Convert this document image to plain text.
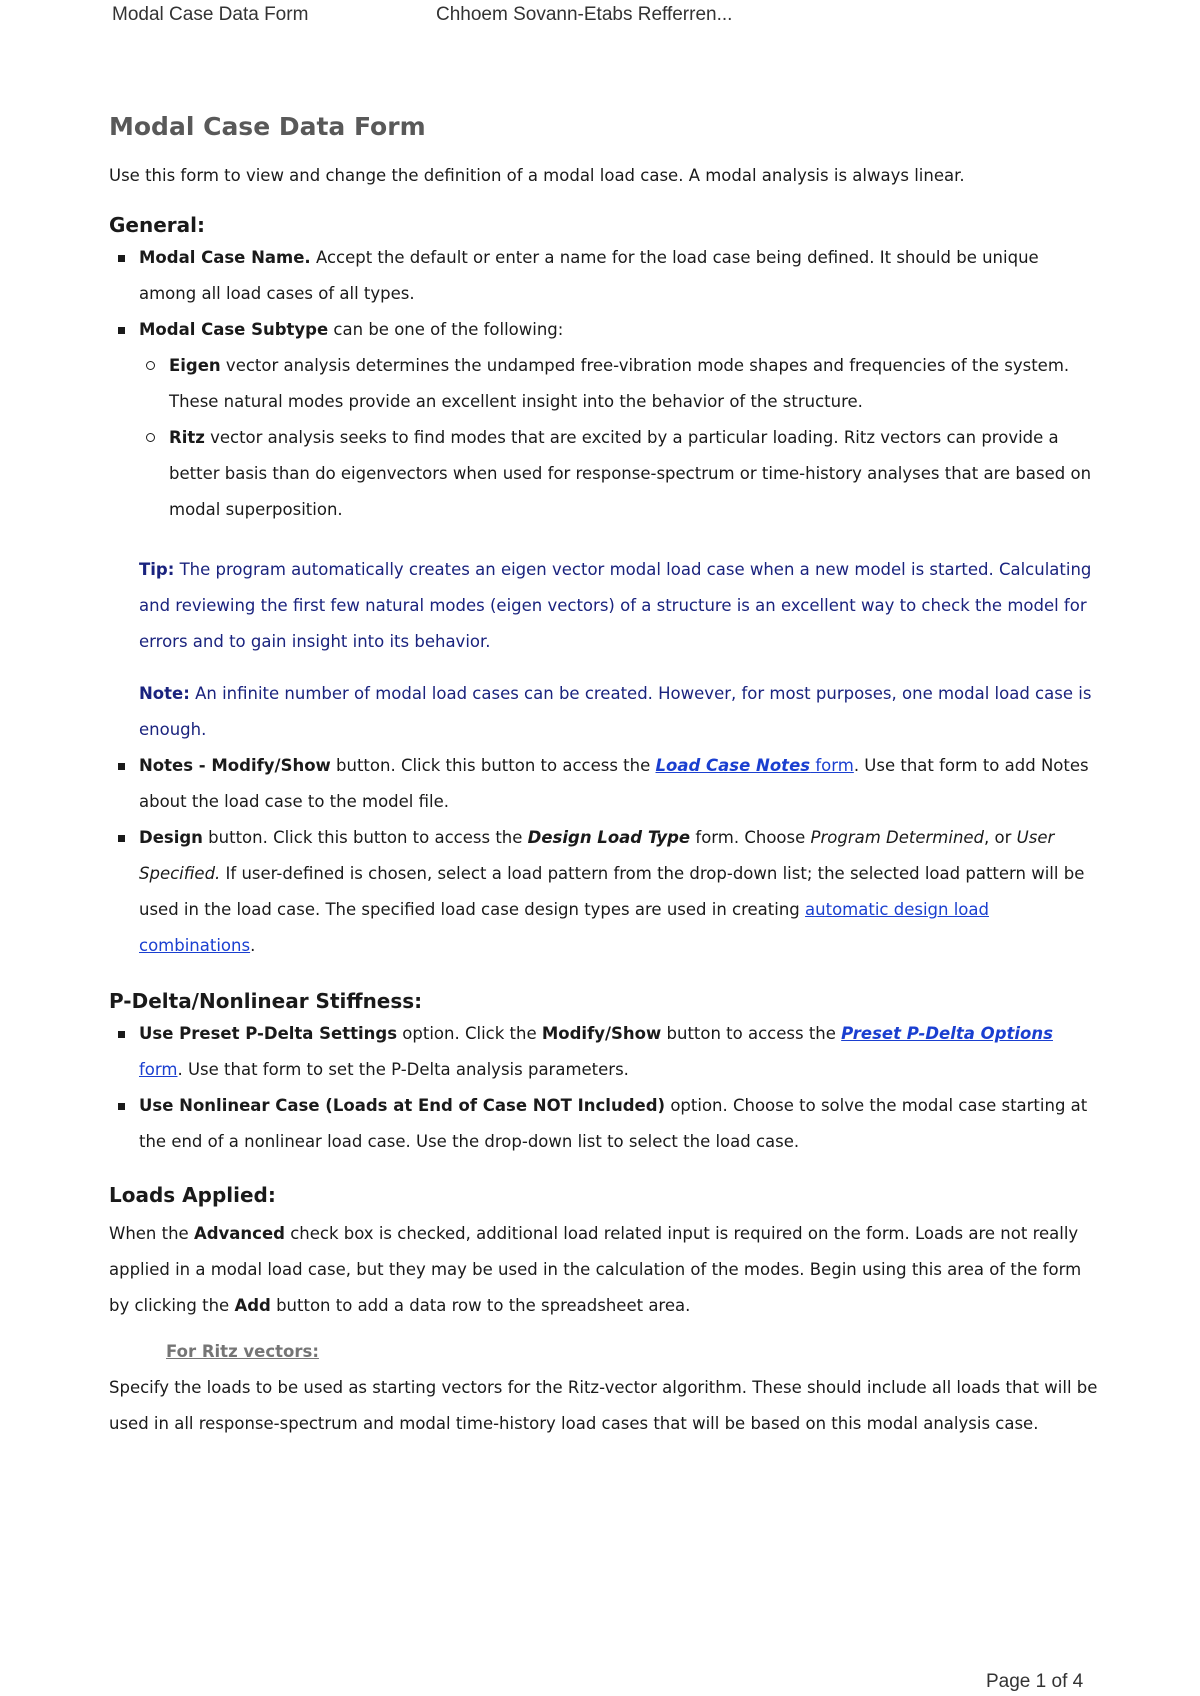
Modal Case Data Form	Chhoem Sovann-Etabs Refferren...
Modal Case Data Form

Use this form to view and change the definition of a modal load case. A modal analysis is always linear.

General:
Modal Case Name. Accept the default or enter a name for the load case being defined. It should be unique among all load cases of all types.
Modal Case Subtype can be one of the following:
Eigen vector analysis determines the undamped free-vibration mode shapes and frequencies of the system. These natural modes provide an excellent insight into the behavior of the structure.
Ritz vector analysis seeks to find modes that are excited by a particular loading. Ritz vectors can provide a better basis than do eigenvectors when used for response-spectrum or time-history analyses that are based on modal superposition.

Tip: The program automatically creates an eigen vector modal load case when a new model is started. Calculating and reviewing the first few natural modes (eigen vectors) of a structure is an excellent way to check the model for errors and to gain insight into its behavior.

Note: An infinite number of modal load cases can be created. However, for most purposes, one modal load case is enough.

Notes - Modify/Show button. Click this button to access the Load Case Notes form. Use that form to add Notes about the load case to the model file.
Design button. Click this button to access the Design Load Type form. Choose Program Determined, or User Specified. If user-defined is chosen, select a load pattern from the drop-down list; the selected load pattern will be used in the load case. The specified load case design types are used in creating automatic design load combinations.
P-Delta/Nonlinear Stiffness:
Use Preset P-Delta Settings option. Click the Modify/Show button to access the Preset P-Delta Options form. Use that form to set the P-Delta analysis parameters.
Use Nonlinear Case (Loads at End of Case NOT Included) option. Choose to solve the modal case starting at the end of a nonlinear load case. Use the drop-down list to select the load case.
Loads Applied:

When the Advanced check box is checked, additional load related input is required on the form. Loads are not really applied in a modal load case, but they may be used in the calculation of the modes. Begin using this area of the form by clicking the Add button to add a data row to the spreadsheet area.

For Ritz vectors:

Specify the loads to be used as starting vectors for the Ritz-vector algorithm. These should include all loads that will be used in all response-spectrum and modal time-history load cases that will be based on this modal analysis case.

Page 1 of 4
